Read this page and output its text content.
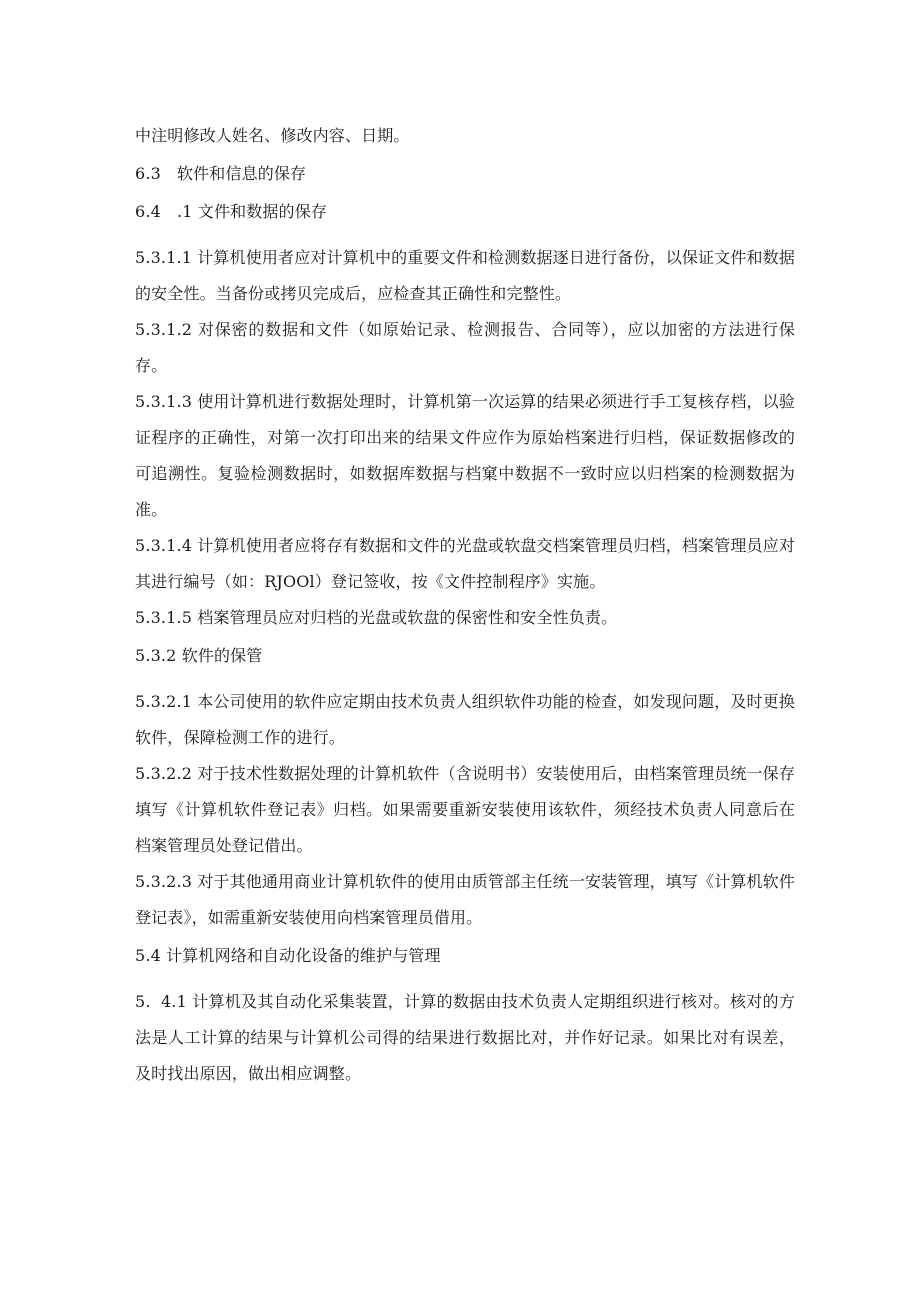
中注明修改人姓名、修改内容、日期。

6.3 软件和信息的保存

6.4 .1 文件和数据的保存

5.3.1.1 计算机使用者应对计算机中的重要文件和检测数据逐日进行备份，以保证文件和数据的安全性。当备份或拷贝完成后，应检查其正确性和完整性。

5.3.1.2 对保密的数据和文件（如原始记录、检测报告、合同等），应以加密的方法进行保存。

5.3.1.3 使用计算机进行数据处理时，计算机第一次运算的结果必须进行手工复核存档，以验证程序的正确性，对第一次打印出来的结果文件应作为原始档案进行归档，保证数据修改的可追溯性。复验检测数据时，如数据库数据与档窠中数据不一致时应以归档案的检测数据为准。

5.3.1.4 计算机使用者应将存有数据和文件的光盘或软盘交档案管理员归档，档案管理员应对其进行编号（如：RJOOl）登记签收，按《文件控制程序》实施。

5.3.1.5 档案管理员应对归档的光盘或软盘的保密性和安全性负责。

5.3.2 软件的保管

5.3.2.1 本公司使用的软件应定期由技术负责人组织软件功能的检查，如发现问题，及时更换软件，保障检测工作的进行。

5.3.2.2 对于技术性数据处理的计算机软件（含说明书）安装使用后，由档案管理员统一保存填写《计算机软件登记表》归档。如果需要重新安装使用该软件，须经技术负责人同意后在档案管理员处登记借出。

5.3.2.3 对于其他通用商业计算机软件的使用由质管部主任统一安装管理，填写《计算机软件登记表》，如需重新安装使用向档案管理员借用。

5.4 计算机网络和自动化设备的维护与管理

5. 4.1 计算机及其自动化采集装置，计算的数据由技术负责人定期组织进行核对。核对的方法是人工计算的结果与计算机公司得的结果进行数据比对，并作好记录。如果比对有误差，及时找出原因，做出相应调整。
